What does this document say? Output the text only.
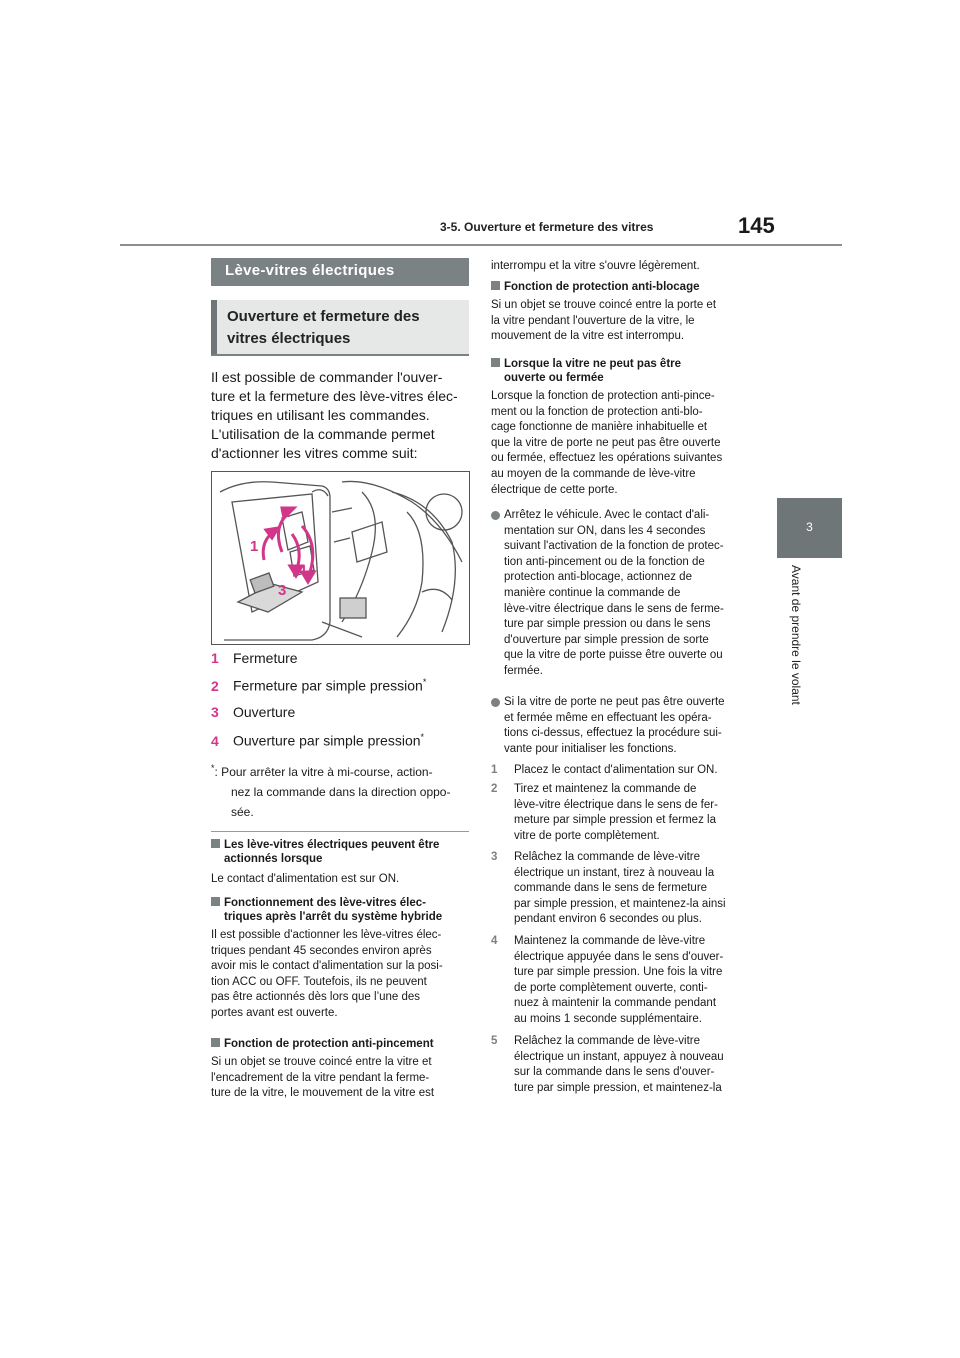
3-5. Ouverture et fermeture des vitres	145
3
Avant de prendre le volant
Lève-vitres électriques
Ouverture et fermeture des
vitres électriques
Il est possible de commander l'ouver-
ture et la fermeture des lève-vitres élec-
triques en utilisant les commandes.
L'utilisation de la commande permet
d'actionner les vitres comme suit:
1
2
3
4
1 Fermeture
2 Fermeture par simple pression*
3 Ouverture
4 Ouverture par simple pression*
*: Pour arrêter la vitre à mi-course, action-
nez la commande dans la direction oppo-
sée.
Les lève-vitres électriques peuvent être
actionnés lorsque
Le contact d'alimentation est sur ON.
Fonctionnement des lève-vitres élec-
triques après l'arrêt du système hybride
Il est possible d'actionner les lève-vitres élec-
triques pendant 45 secondes environ après
avoir mis le contact d'alimentation sur la posi-
tion ACC ou OFF. Toutefois, ils ne peuvent
pas être actionnés dès lors que l’une des
portes avant est ouverte.
Fonction de protection anti-pincement
Si un objet se trouve coincé entre la vitre et
l'encadrement de la vitre pendant la ferme-
ture de la vitre, le mouvement de la vitre est
interrompu et la vitre s'ouvre légèrement.
Fonction de protection anti-blocage
Si un objet se trouve coincé entre la porte et
la vitre pendant l'ouverture de la vitre, le
mouvement de la vitre est interrompu.
Lorsque la vitre ne peut pas être
ouverte ou fermée
Lorsque la fonction de protection anti-pince-
ment ou la fonction de protection anti-blo-
cage fonctionne de manière inhabituelle et
que la vitre de porte ne peut pas être ouverte
ou fermée, effectuez les opérations suivantes
au moyen de la commande de lève-vitre
électrique de cette porte.
Arrêtez le véhicule. Avec le contact d'ali-
mentation sur ON, dans les 4 secondes
suivant l'activation de la fonction de protec-
tion anti-pincement ou de la fonction de
protection anti-blocage, actionnez de
manière continue la commande de
lève-vitre électrique dans le sens de ferme-
ture par simple pression ou dans le sens
d'ouverture par simple pression de sorte
que la vitre de porte puisse être ouverte ou
fermée.
Si la vitre de porte ne peut pas être ouverte
et fermée même en effectuant les opéra-
tions ci-dessus, effectuez la procédure sui-
vante pour initialiser les fonctions.
1 Placez le contact d'alimentation sur ON.
2 Tirez et maintenez la commande de
lève-vitre électrique dans le sens de fer-
meture par simple pression et fermez la
vitre de porte complètement.
3 Relâchez la commande de lève-vitre
électrique un instant, tirez à nouveau la
commande dans le sens de fermeture
par simple pression, et maintenez-la ainsi
pendant environ 6 secondes ou plus.
4 Maintenez la commande de lève-vitre
électrique appuyée dans le sens d'ouver-
ture par simple pression. Une fois la vitre
de porte complètement ouverte, conti-
nuez à maintenir la commande pendant
au moins 1 seconde supplémentaire.
5 Relâchez la commande de lève-vitre
électrique un instant, appuyez à nouveau
sur la commande dans le sens d'ouver-
ture par simple pression, et maintenez-la
